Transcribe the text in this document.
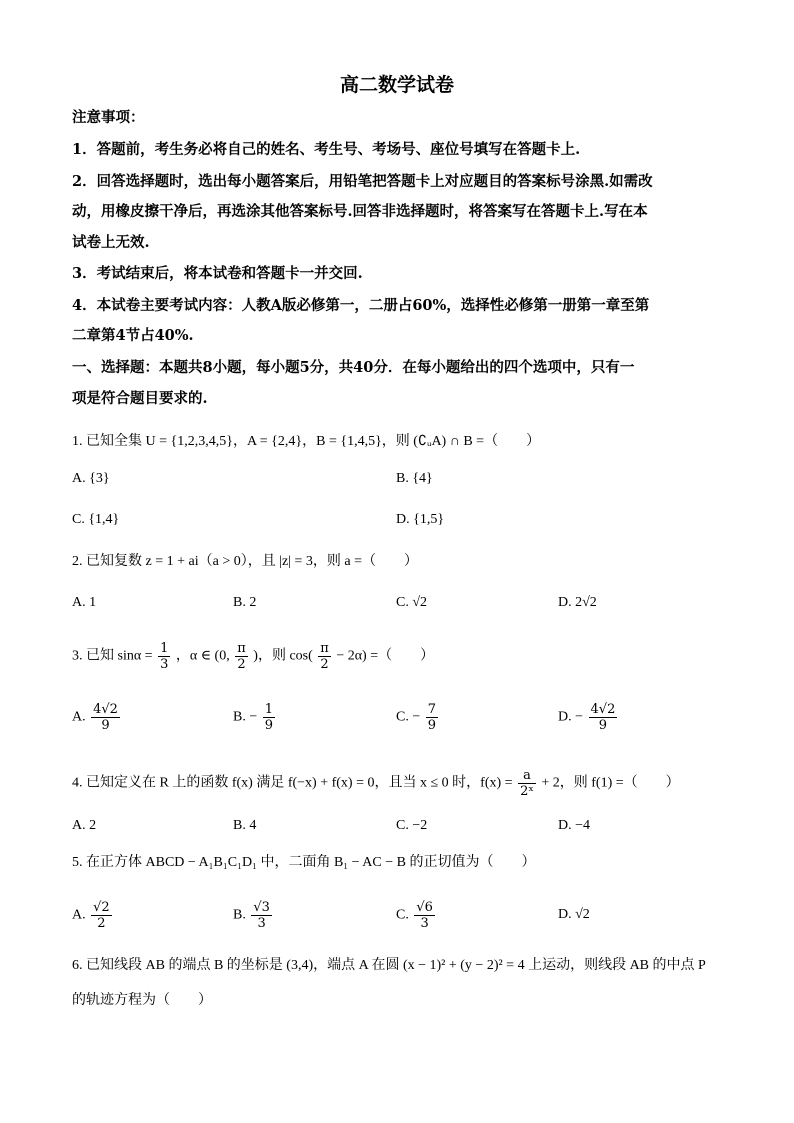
高二数学试卷
注意事项：
1．答题前，考生务必将自己的姓名、考生号、考场号、座位号填写在答题卡上.
2．回答选择题时，选出每小题答案后，用铅笔把答题卡上对应题目的答案标号涂黑.如需改
动，用橡皮擦干净后，再选涂其他答案标号.回答非选择题时，将答案写在答题卡上.写在本
试卷上无效.
3．考试结束后，将本试卷和答题卡一并交回.
4．本试卷主要考试内容：人教A版必修第一，二册占60%，选择性必修第一册第一章至第
二章第4节占40%.
一、选择题：本题共8小题，每小题5分，共40分．在每小题给出的四个选项中，只有一
项是符合题目要求的.
1. 已知全集 U = {1,2,3,4,5}，A = {2,4}，B = {1,4,5}，则 (∁ᵤA) ∩ B =（　　）
A. {3}	B. {4}
C. {1,4}	D. {1,5}
2. 已知复数 z = 1 + ai（a > 0），且 |z| = 3，则 a =（　　）
A. 1	B. 2	C. √2	D. 2√2
3. 已知 $\sin\alpha = \frac{1}{3}$ ，α ∈ (0, $\frac{\pi}{2}$ )，则 $\cos( \frac{\pi}{2} - 2\alpha)$ =（　　）
A. $\frac{4√2}{9}$	B. − $\frac{1}{9}$	C. − $\frac{7}{9}$	D. − $\frac{4√2}{9}$
4. 已知定义在 R 上的函数 f(x) 满足 f(−x) + f(x) = 0，且当 x ≤ 0 时，$f(x) = \frac{a}{\text{2ˣ}} + 2$，则 f(1) =（　　）
A. 2	B. 4	C. −2	D. −4
5. 在正方体 ABCD − A₁B₁C₁D₁ 中，二面角 B₁ − AC − B 的正切值为（　　）
A. $\frac{√2}{2}$	B. $\frac{√3}{3}$	C. $\frac{√6}{3}$	D. √2
6. 已知线段 AB 的端点 B 的坐标是 (3,4)，端点 A 在圆 (x − 1)² + (y − 2)² = 4 上运动，则线段 AB 的中点 P
的轨迹方程为（　　）
